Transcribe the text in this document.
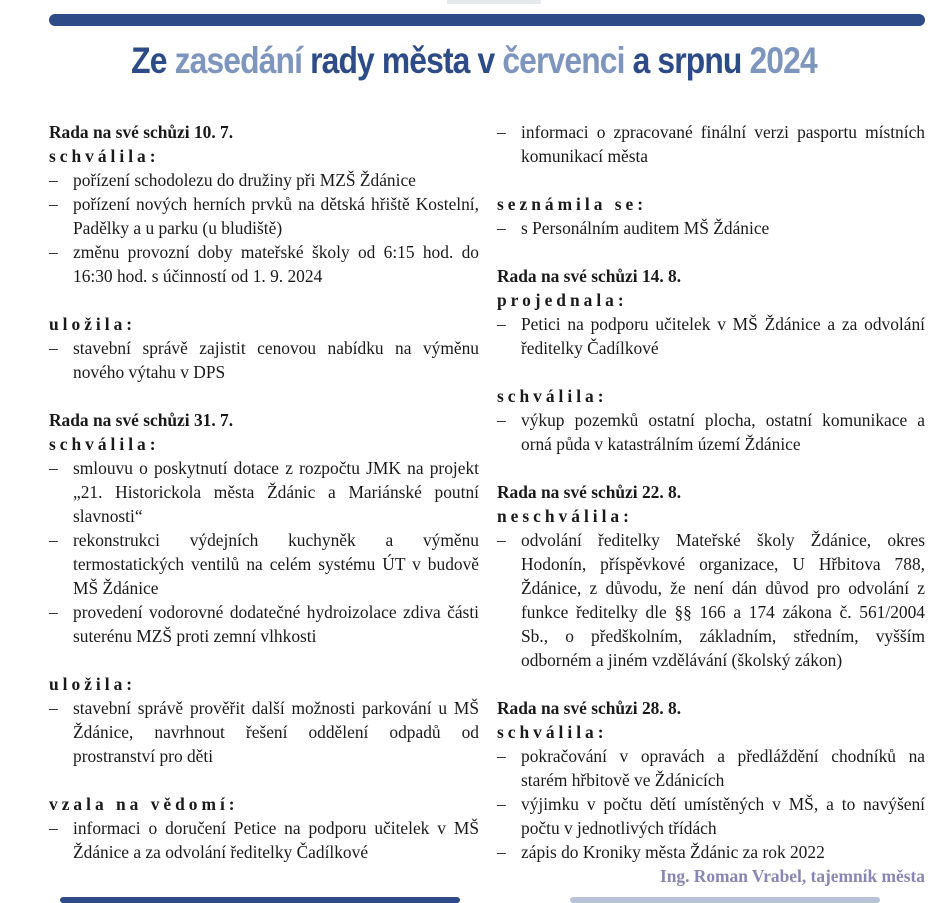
Ze zasedání rady města v červenci a srpnu 2024

Rada na své schůzi 10. 7.

schválila:

– pořízení schodolezu do družiny při MZŠ Ždánice
– pořízení nových herních prvků na dětská hřiště Kostelní, Padělky a u parku (u bludiště)
– změnu provozní doby mateřské školy od 6:15 hod. do 16:30 hod. s účinností od 1. 9. 2024

uložila:

– stavební správě zajistit cenovou nabídku na výměnu nového výtahu v DPS

Rada na své schůzi 31. 7.

schválila:

– smlouvu o poskytnutí dotace z rozpočtu JMK na projekt „21. Historickola města Ždánic a Mariánské poutní slavnosti“
– rekonstrukci výdejních kuchyněk a výměnu termostatických ventilů na celém systému ÚT v budově MŠ Ždánice
– provedení vodorovné dodatečné hydroizolace zdiva části suterénu MZŠ proti zemní vlhkosti

uložila:

– stavební správě prověřit další možnosti parkování u MŠ Ždánice, navrhnout řešení oddělení odpadů od prostranství pro děti

vzala na vědomí:

– informaci o doručení Petice na podporu učitelek v MŠ Ždánice a za odvolání ředitelky Čadílkové
– informaci o zpracované finální verzi pasportu místních komunikací města

seznámila se:

– s Personálním auditem MŠ Ždánice

Rada na své schůzi 14. 8.

projednala:

– Petici na podporu učitelek v MŠ Ždánice a za odvolání ředitelky Čadílkové

schválila:

– výkup pozemků ostatní plocha, ostatní komunikace a orná půda v katastrálním území Ždánice

Rada na své schůzi 22. 8.

neschválila:

– odvolání ředitelky Mateřské školy Ždánice, okres Hodonín, příspěvkové organizace, U Hřbitova 788, Ždánice, z důvodu, že není dán důvod pro odvolání z funkce ředitelky dle §§ 166 a 174 zákona č. 561/2004 Sb., o předškolním, základním, středním, vyšším odborném a jiném vzdělávání (školský zákon)

Rada na své schůzi 28. 8.

schválila:

– pokračování v opravách a předláždění chodníků na starém hřbitově ve Ždánicích
– výjimku v počtu dětí umístěných v MŠ, a to navýšení počtu v jednotlivých třídách
– zápis do Kroniky města Ždánic za rok 2022
Ing. Roman Vrabel, tajemník města
